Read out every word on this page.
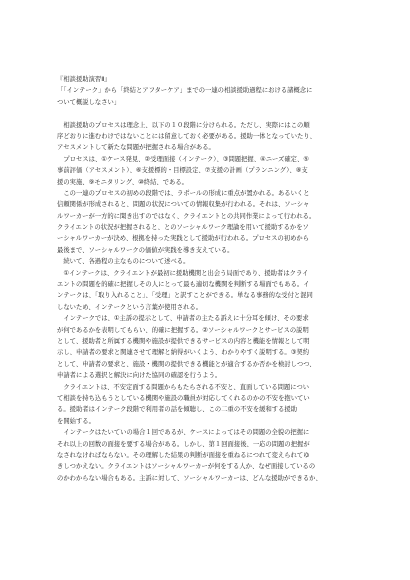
『相談援助演習Ⅱ』
「「インテーク」から「終結とアフターケア」までの一連の相談援助過程における諸概念に
ついて概説しなさい」
　相談援助のプロセスは理念上、以下の１０段階に分けられる。ただし、実際にはこの順
序どおりに進むわけではないことには留意しておく必要がある。援助一体となっていたり、
アセスメントして新たな問題が把握される場合がある。
　プロセスは、①ケース発見、②受理面接（インテーク）、③問題把握、④ニーズ確定、⑤
事前評価（アセスメント）、⑥支援標的・目標設定、⑦支援の計画（プランニング）、⑧支
援の実施、⑨モニタリング、⑩終結、である。
　この一連のプロセスの初めの段階では、ラポールの形成に重点が置かれる。あるいくと
信頼関係が形成されると、問題の状況についての情報収集が行われる。それは、ソーシャ
ルワーカーが一方的に聞き出すのではなく、クライエントとの共同作業によって行われる。
クライエントの状況が把握されると、とのソーシャルワーク理論を用いて援助するかをソ
ーシャルワーカーが決め、根拠を持った実践として援助が行われる。プロセスの初めから
最後まで、ソーシャルワークの価値が実践を導き支えている。
　続いて、各過程の主なものについて述べる。
　①インテークは、クライエントが最初に援助機関と出会う局面であり、援助者はクライ
エントの問題を的確に把握しその人にとって最も適切な機関を判断する場面でもある。イ
ンテークは、「取り入れること」、「受理」と訳すことができる。単なる事務的な受付と混同
しないため、インテークという言葉が使用される。
　インテークでは、①主訴の提示として、申請者の主たる訴えに十分耳を傾け、その要求
が何であるかを表明してもらい、的確に把握する。②ソーシャルワークとサービスの説明
として、援助者と所属する機関や施設が提供できるサービスの内容と機能を情報として明
示し、申請者の要求と関連させて理解と納得がいくよう、わかりやすく説明する。③契約
として、申請者の要求と、施設・機関の提供できる機能とが適合するか否かを検討しつつ、
申請者による選択と解決に向けた協同の確認を行うよう。
　クライエントは、不安定面する問題からもたらされる不安と、直面している問題につい
て相談を持ち込もうとしている機関や施設の職員が対応してくれるのかの不安を抱いてい
る。援助者はインテーク段階で利用者の話を傾聴し、この二重の不安を緩和する援助
を開始する。
　インテークはたいていの場合１回であるが、ケースによってはその問題の全貌の把握に
それ以上の回数の面接を要する場合がある。しかし、第１回面接後、一応の問題の把握が
なされなければならない。その理解した結果の判断が面接を重ねるにつれて変えられてゆ
きしつかえない。クライエントはソーシャルワーカーが何をする人か、なぜ面接しているの
のかわからない場合もある。主訴に対して、ソーシャルワーカーは、どんな援助ができるか、
